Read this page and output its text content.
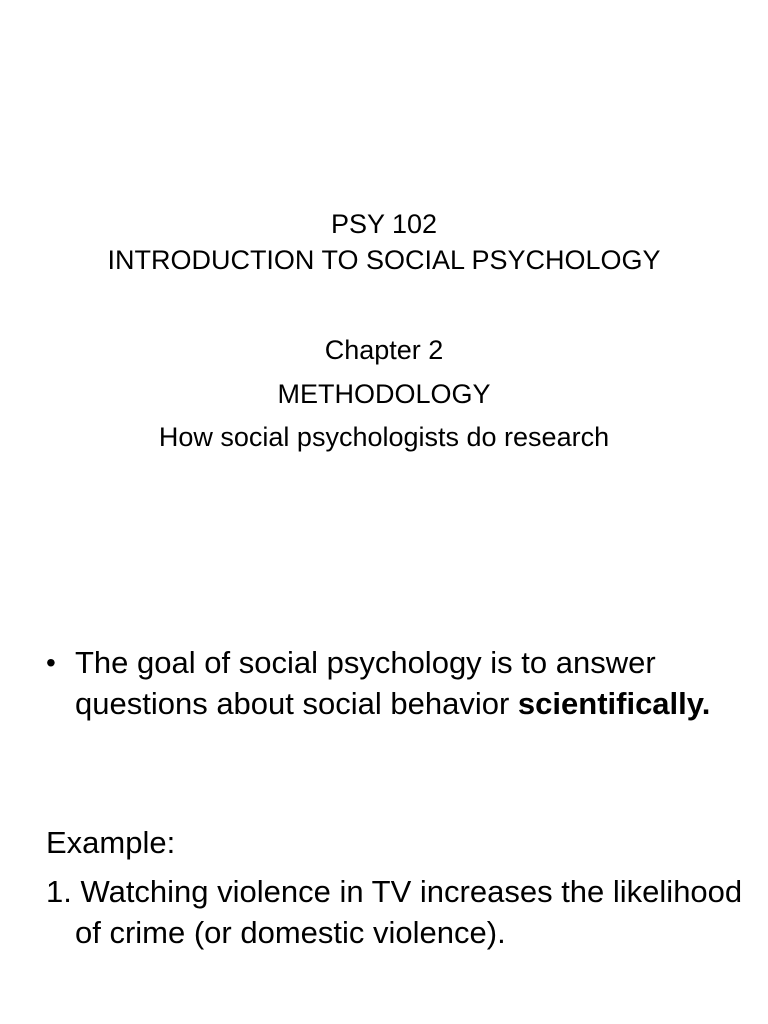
PSY 102
INTRODUCTION TO SOCIAL PSYCHOLOGY
Chapter 2
METHODOLOGY
How social psychologists do research
• The goal of social psychology is to answer questions about social behavior scientifically.
Example:
1. Watching violence in TV increases the likelihood of crime (or domestic violence).
